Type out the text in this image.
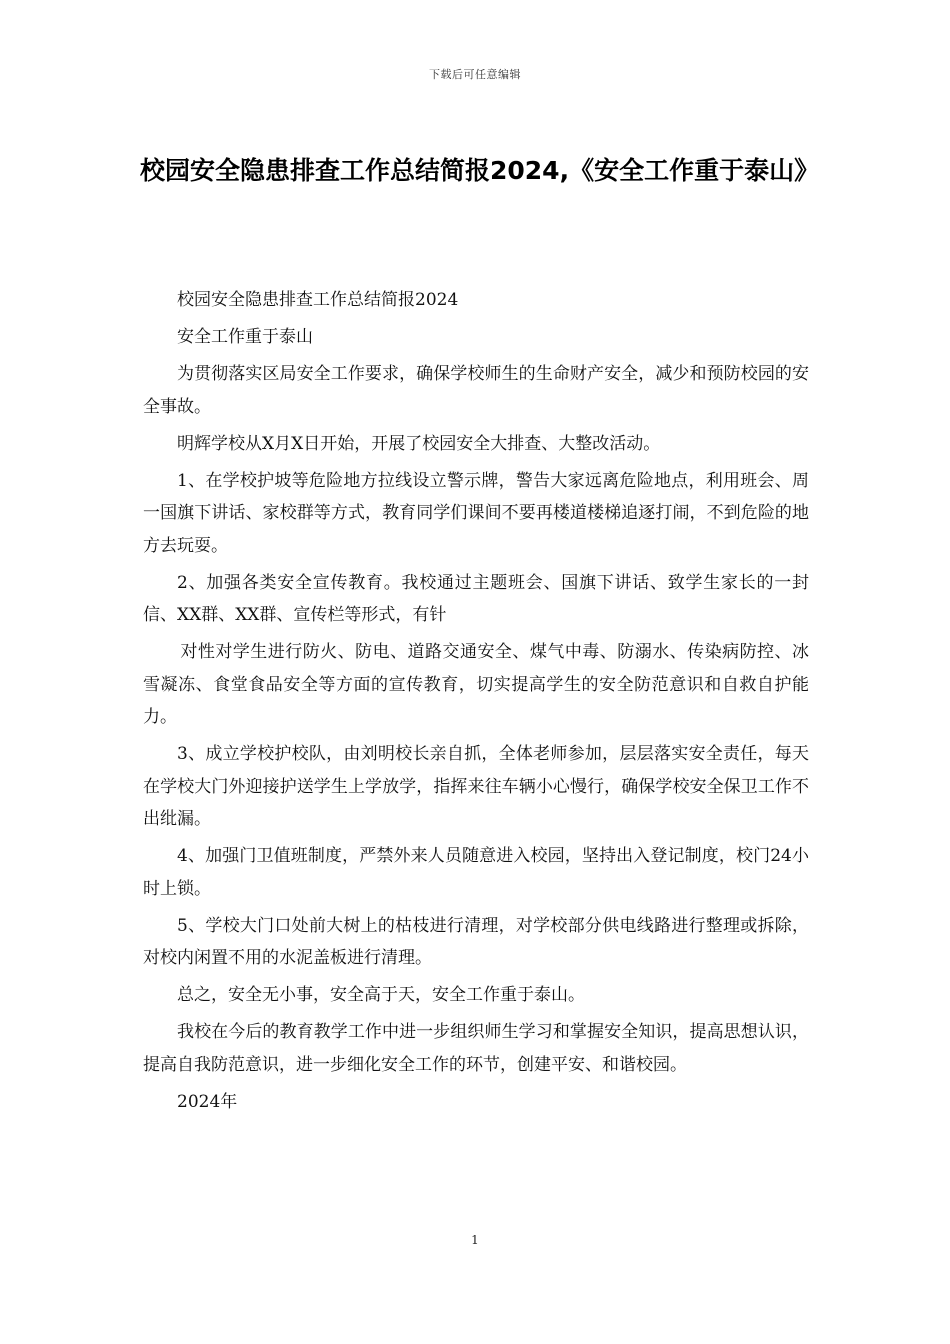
下载后可任意编辑
校园安全隐患排查工作总结简报2024,《安全工作重于泰山》

校园安全隐患排查工作总结简报2024

安全工作重于泰山

为贯彻落实区局安全工作要求，确保学校师生的生命财产安全，减少和预防校园的安全事故。

明辉学校从X月X日开始，开展了校园安全大排查、大整改活动。

1、在学校护坡等危险地方拉线设立警示牌，警告大家远离危险地点，利用班会、周一国旗下讲话、家校群等方式，教育同学们课间不要再楼道楼梯追逐打闹，不到危险的地方去玩耍。

2、加强各类安全宣传教育。我校通过主题班会、国旗下讲话、致学生家长的一封信、XX群、XX群、宣传栏等形式，有针

对性对学生进行防火、防电、道路交通安全、煤气中毒、防溺水、传染病防控、冰雪凝冻、食堂食品安全等方面的宣传教育，切实提高学生的安全防范意识和自救自护能力。

3、成立学校护校队，由刘明校长亲自抓，全体老师参加，层层落实安全责任，每天在学校大门外迎接护送学生上学放学，指挥来往车辆小心慢行，确保学校安全保卫工作不出纰漏。

4、加强门卫值班制度，严禁外来人员随意进入校园，坚持出入登记制度，校门24小时上锁。

5、学校大门口处前大树上的枯枝进行清理，对学校部分供电线路进行整理或拆除，对校内闲置不用的水泥盖板进行清理。

总之，安全无小事，安全高于天，安全工作重于泰山。

我校在今后的教育教学工作中进一步组织师生学习和掌握安全知识，提高思想认识，提高自我防范意识，进一步细化安全工作的环节，创建平安、和谐校园。

2024年

1
